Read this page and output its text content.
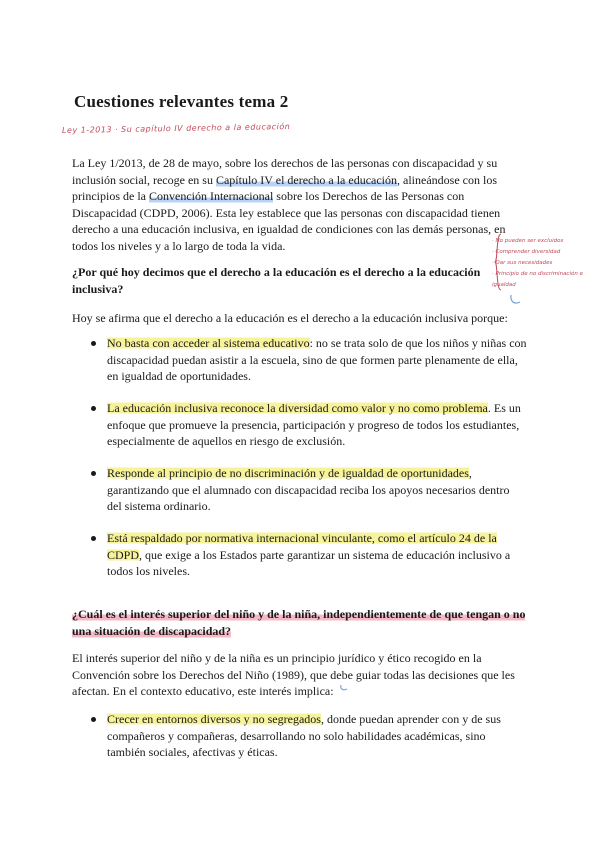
Cuestiones relevantes tema 2
Ley 1-2013 · Su capítulo IV derecho a la educación
· No pueden ser excluidos
· Comprender diversidad
· Dar sus necesidades
· Principio de no discriminación e igualdad
La Ley 1/2013, de 28 de mayo, sobre los derechos de las personas con discapacidad y su inclusión social, recoge en su Capítulo IV el derecho a la educación, alineándose con los principios de la Convención Internacional sobre los Derechos de las Personas con Discapacidad (CDPD, 2006). Esta ley establece que las personas con discapacidad tienen derecho a una educación inclusiva, en igualdad de condiciones con las demás personas, en todos los niveles y a lo largo de toda la vida.
¿Por qué hoy decimos que el derecho a la educación es el derecho a la educación inclusiva?
Hoy se afirma que el derecho a la educación es el derecho a la educación inclusiva porque:
No basta con acceder al sistema educativo: no se trata solo de que los niños y niñas con discapacidad puedan asistir a la escuela, sino de que formen parte plenamente de ella, en igualdad de oportunidades.
La educación inclusiva reconoce la diversidad como valor y no como problema. Es un enfoque que promueve la presencia, participación y progreso de todos los estudiantes, especialmente de aquellos en riesgo de exclusión.
Responde al principio de no discriminación y de igualdad de oportunidades, garantizando que el alumnado con discapacidad reciba los apoyos necesarios dentro del sistema ordinario.
Está respaldado por normativa internacional vinculante, como el artículo 24 de la CDPD, que exige a los Estados parte garantizar un sistema de educación inclusivo a todos los niveles.
¿Cuál es el interés superior del niño y de la niña, independientemente de que tengan o no una situación de discapacidad?
El interés superior del niño y de la niña es un principio jurídico y ético recogido en la Convención sobre los Derechos del Niño (1989), que debe guiar todas las decisiones que les afectan. En el contexto educativo, este interés implica:
Crecer en entornos diversos y no segregados, donde puedan aprender con y de sus compañeros y compañeras, desarrollando no solo habilidades académicas, sino también sociales, afectivas y éticas.
